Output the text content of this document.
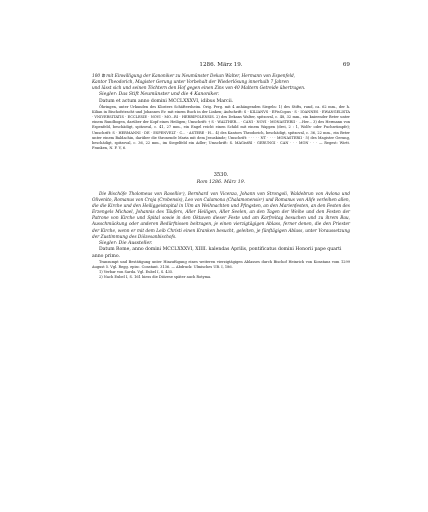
1286. März 19.	69
100 ℔ mit Einwilligung der Kanoniker zu Neumünster Dekan Walter, Hermann von Espenfeld,
Kantor Theodorich, Magister Gerung unter Vorbehalt der Wiederlösung innerhalb 7 Jahren
und lässt sich und seinen Töchtern den Hof gegen einen Zins von 40 Maltern Getreide übertragen.
Siegler: Das Stift Neumünster und die 4 Kanoniker.
Datum et actum anno domini MCCLXXXVI, idibus Marcii.
Öhringen, unter Urkunden des Klosters Schäftersheim. Orig. Perg. mit 4 anhängenden Siegeln: 1) des Stifts, rund, ca. 62 mm., der h. Kilian in Bischofstracht und Johannes Ev. mit einem Buch in der Linken; Aufschrift: S · KILIANVS · EPisCopus · S · IOANNES · EWANGELISTA · VNIVERSITATIS · ECCLESIE · NOVI · MO...RI · HERBIPOLENSIS. 2) des Dekans Walter, spitzoval, c. 48, 32 mm., ein knieender Beter unter einem Rundbogen, darüber der Kopf eines Heiligen; Umschrift: † S · WALTHER... · CANI · NOVI · MONASTERII · ...Her... 3) des Hermann von Espenfeld, beschädigt, spitzoval, c. 41, 27 mm., ein Engel reicht einen Schild mit einem Wappen (drei, 2 : 1, Wolfs- oder Fuchsrümpfe); Umschrift: S · HERMANNI · DE · ESPENVELT · C... · ASTERE · H... 4) des Kantors Theodorich, beschädigt, spitzoval, c. 36, 22 mm., ein Beter unter einem Baldachin, darüber die thronende Maria mit dem Jesuskinde; Umschrift: · · · · · NT · · · · MONASTERII · 5) des Magister Gerung, beschädigt, spitzoval, c. 36, 22 mm., im Siegelfeld ein Adler; Umschrift: S. MAGistRI · GERUNGI · CAN · · · MON · · · — Regest: Wirtt. Franken, N. F. V, 6.
3530.
Rom 1286. März 19.
Die Bischöfe Tholomeus von Rasellio¹), Bernhard von Vicenza, Johann von Strongoli, Waldebrun von Avlona und Olivenito, Romanus von Croja (Crobensis), Leo von Calamona (Chalamonensis²) und Romanus von Alife verleihen allen, die die Kirche und den Heiliggeistspital in Ulm an Weihnachten und Pfingsten, an den Marienfesten, an den Festen des Erzengels Michael, Johannis des Täufers, Aller Heiligen, Aller Seelen, an den Tagen der Weihe und den Festen der Patrone von Kirche und Spital sowie in den Oktaven dieser Feste und am Karfreitag besuchen und zu ihrem Bau, Ausschmückung oder anderen Bedürfnissen beitragen, je einen vierzigtägigen Ablass, ferner denen, die den Priester der Kirche, wenn er mit dem Leib Christi einen Kranken besucht, geleiten, je fünftägigen Ablass, unter Voraussetzung der Zustimmung des Diözesanbischofs.
Siegler: Die Aussteller.
Datum Rome, anno domini MCCLXXXVI, XIIII. kalendas Aprilis, pontificatus domini Honorii pape quarti anno primo.
Transumpt und Bestätigung unter Hinzufügung eines weiteren vierzigtägigen Ablasses durch Bischof Heinrich von Konstanz vom 1299 August 5. Vgl. Regg. episc. Constant. 3136. — Abdruck: Ulmisches UB. I, 186.
1) Verbar von Sarda. Vgl. Eubel I, S. 435.
2) Nach Eubel I, S. 161 hiess die Diözese später auch Rotyma.
